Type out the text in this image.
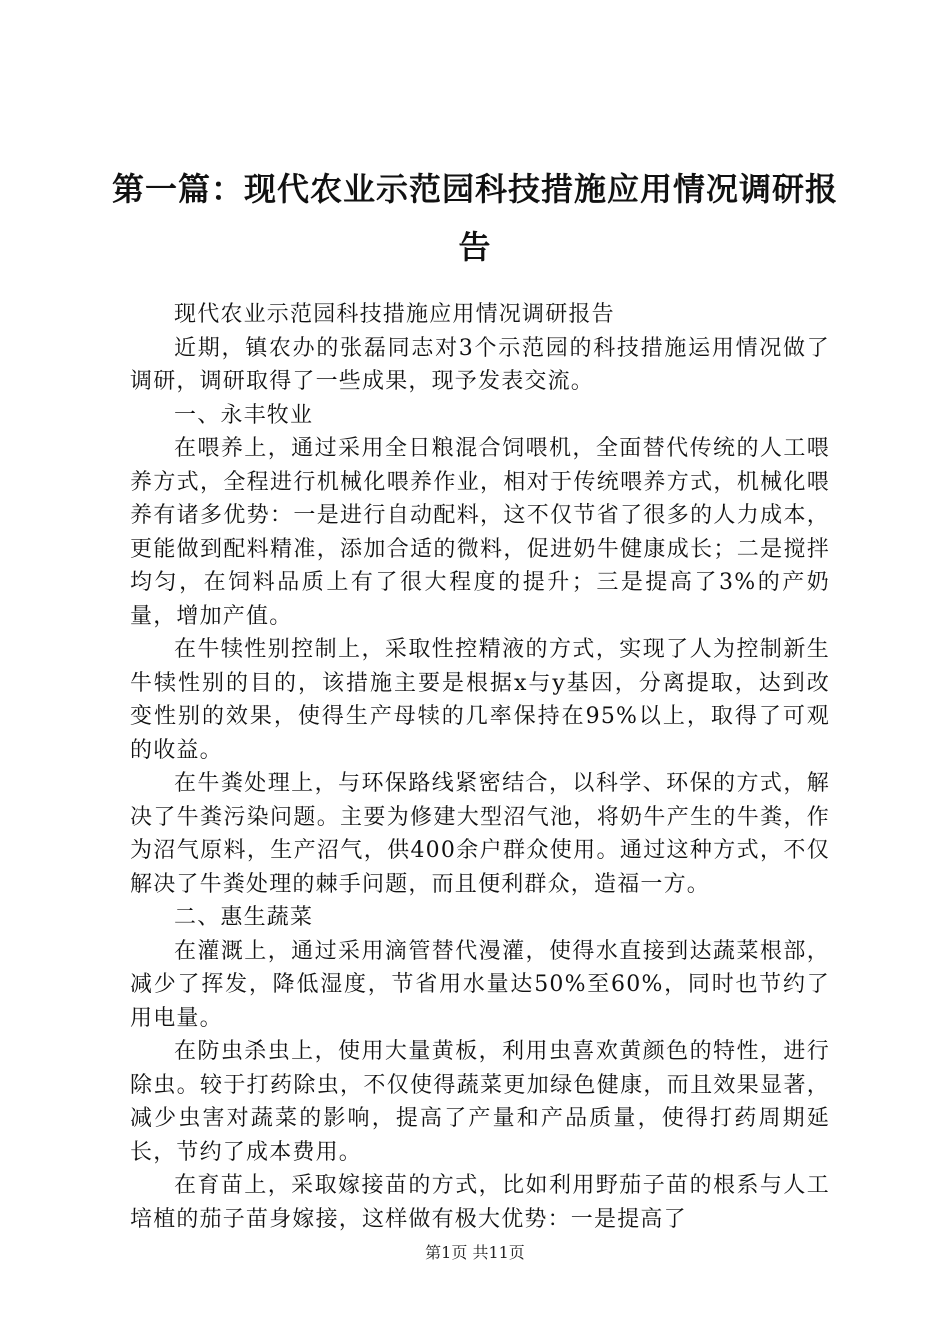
第一篇：现代农业示范园科技措施应用情况调研报告

现代农业示范园科技措施应用情况调研报告

近期，镇农办的张磊同志对3个示范园的科技措施运用情况做了调研，调研取得了一些成果，现予发表交流。

一、永丰牧业

在喂养上，通过采用全日粮混合饲喂机，全面替代传统的人工喂养方式，全程进行机械化喂养作业，相对于传统喂养方式，机械化喂养有诸多优势：一是进行自动配料，这不仅节省了很多的人力成本，更能做到配料精准，添加合适的微料，促进奶牛健康成长；二是搅拌均匀，在饲料品质上有了很大程度的提升；三是提高了3%的产奶量，增加产值。

在牛犊性别控制上，采取性控精液的方式，实现了人为控制新生牛犊性别的目的，该措施主要是根据x与y基因，分离提取，达到改变性别的效果，使得生产母犊的几率保持在95%以上，取得了可观的收益。

在牛粪处理上，与环保路线紧密结合，以科学、环保的方式，解决了牛粪污染问题。主要为修建大型沼气池，将奶牛产生的牛粪，作为沼气原料，生产沼气，供400余户群众使用。通过这种方式，不仅解决了牛粪处理的棘手问题，而且便利群众，造福一方。

二、惠生蔬菜

在灌溉上，通过采用滴管替代漫灌，使得水直接到达蔬菜根部，减少了挥发，降低湿度，节省用水量达50%至60%，同时也节约了用电量。

在防虫杀虫上，使用大量黄板，利用虫喜欢黄颜色的特性，进行除虫。较于打药除虫，不仅使得蔬菜更加绿色健康，而且效果显著，减少虫害对蔬菜的影响，提高了产量和产品质量，使得打药周期延长，节约了成本费用。

在育苗上，采取嫁接苗的方式，比如利用野茄子苗的根系与人工培植的茄子苗身嫁接，这样做有极大优势：一是提高了

第1页 共11页
